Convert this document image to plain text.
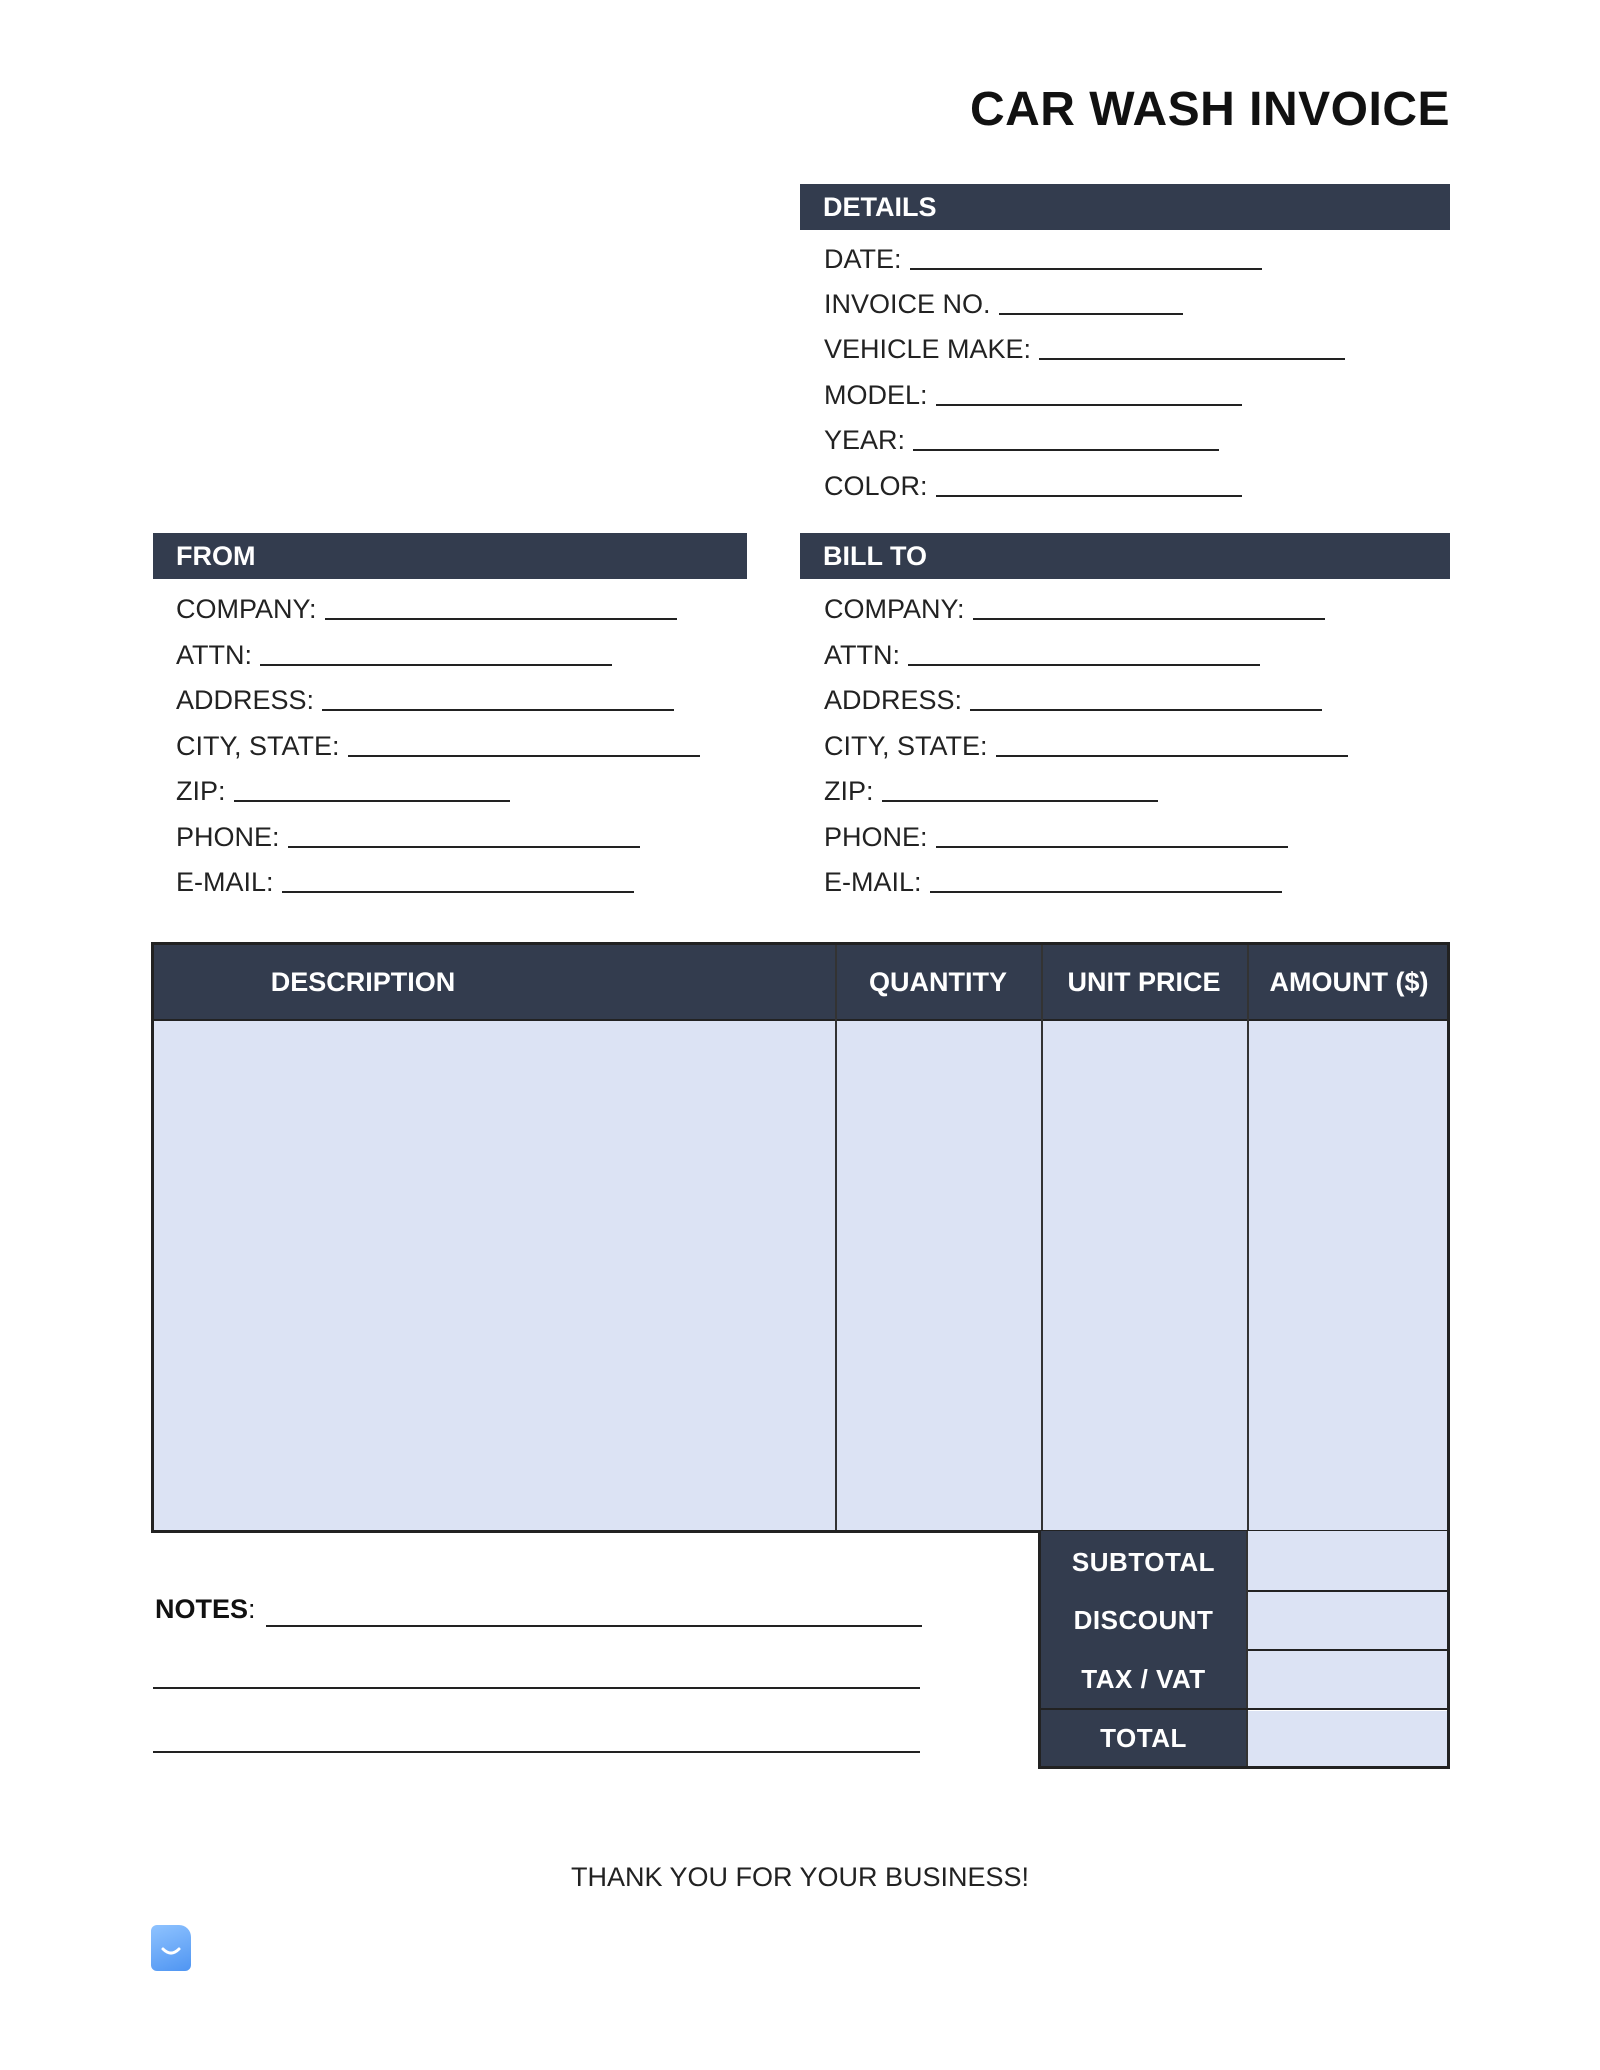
CAR WASH INVOICE
DETAILS
DATE:
INVOICE NO.
VEHICLE MAKE:
MODEL:
YEAR:
COLOR:
FROM
COMPANY:
ATTN:
ADDRESS:
CITY, STATE:
ZIP:
PHONE:
E-MAIL:
BILL TO
COMPANY:
ATTN:
ADDRESS:
CITY, STATE:
ZIP:
PHONE:
E-MAIL:
DESCRIPTION	QUANTITY	UNIT PRICE	AMOUNT ($)
SUBTOTAL
DISCOUNT
TAX / VAT
TOTAL
NOTES:
THANK YOU FOR YOUR BUSINESS!
